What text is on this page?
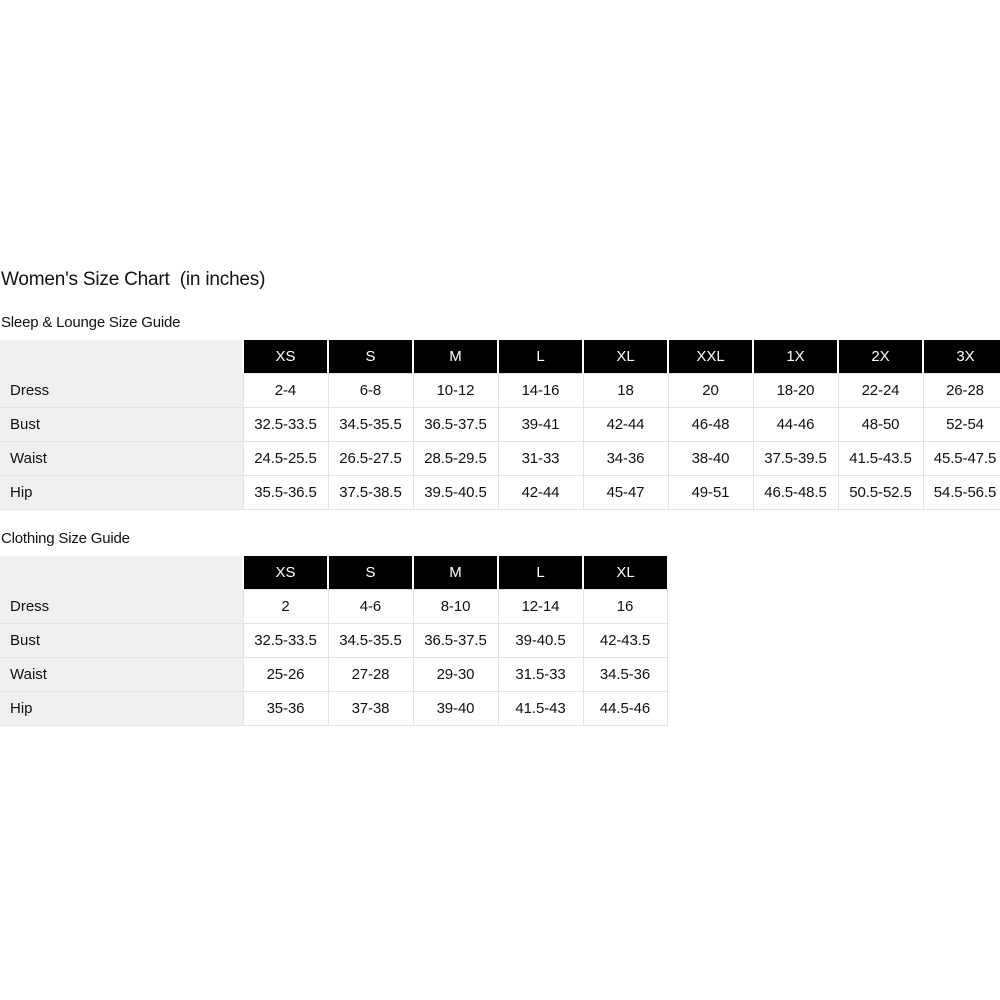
Women's Size Chart  (in inches)
Sleep & Lounge Size Guide
	XS	S	M	L	XL	XXL	1X	2X	3X
Dress	2-4	6-8	10-12	14-16	18	20	18-20	22-24	26-28
Bust	32.5-33.5	34.5-35.5	36.5-37.5	39-41	42-44	46-48	44-46	48-50	52-54
Waist	24.5-25.5	26.5-27.5	28.5-29.5	31-33	34-36	38-40	37.5-39.5	41.5-43.5	45.5-47.5
Hip	35.5-36.5	37.5-38.5	39.5-40.5	42-44	45-47	49-51	46.5-48.5	50.5-52.5	54.5-56.5
Clothing Size Guide
	XS	S	M	L	XL
Dress	2	4-6	8-10	12-14	16
Bust	32.5-33.5	34.5-35.5	36.5-37.5	39-40.5	42-43.5
Waist	25-26	27-28	29-30	31.5-33	34.5-36
Hip	35-36	37-38	39-40	41.5-43	44.5-46
